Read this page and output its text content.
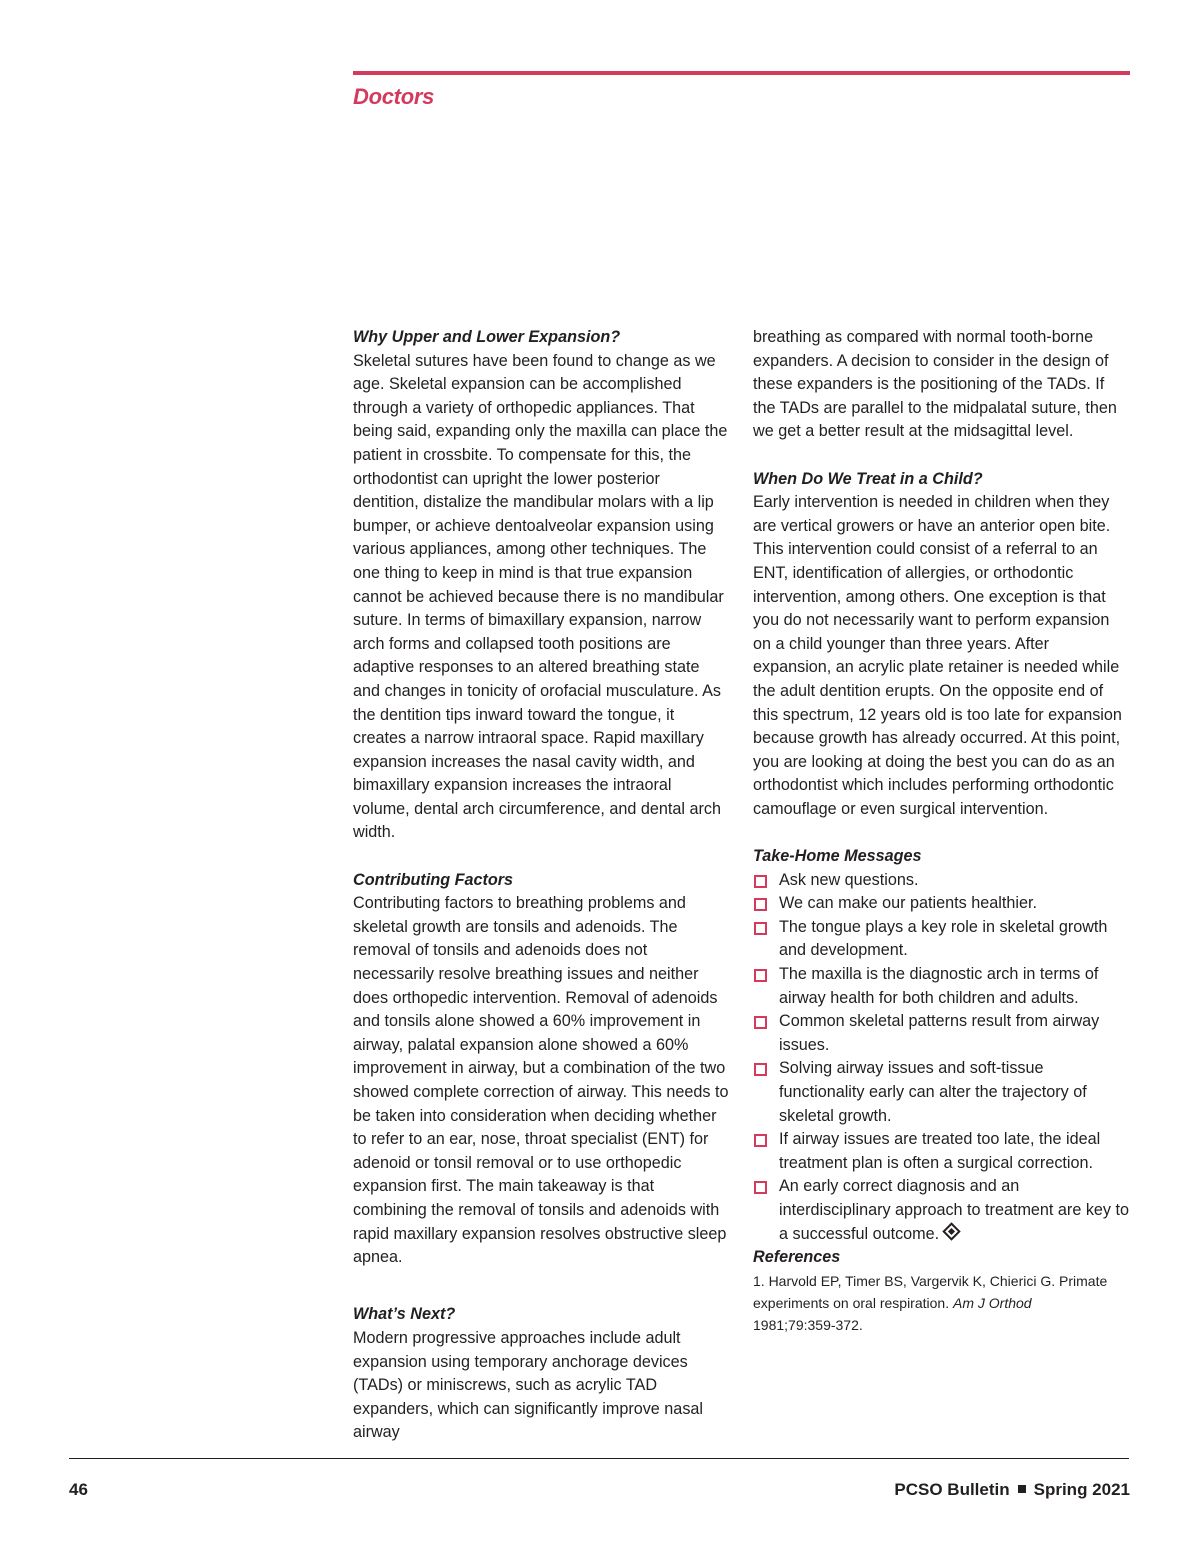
Doctors

Why Upper and Lower Expansion?

Skeletal sutures have been found to change as we age. Skeletal expansion can be accomplished through a variety of orthopedic appliances. That being said, expanding only the maxilla can place the patient in crossbite. To compensate for this, the orthodontist can upright the lower posterior dentition, distalize the mandibular molars with a lip bumper, or achieve dentoalveolar expansion using various appliances, among other techniques. The one thing to keep in mind is that true expansion cannot be achieved because there is no mandibular suture. In terms of bimaxillary expansion, narrow arch forms and collapsed tooth positions are adaptive responses to an altered breathing state and changes in tonicity of orofacial musculature. As the dentition tips inward toward the tongue, it creates a narrow intraoral space. Rapid maxillary expansion increases the nasal cavity width, and bimaxillary expansion increases the intraoral volume, dental arch circumference, and dental arch width.

Contributing Factors

Contributing factors to breathing problems and skeletal growth are tonsils and adenoids. The removal of tonsils and adenoids does not necessarily resolve breathing issues and neither does orthopedic intervention. Removal of adenoids and tonsils alone showed a 60% improvement in airway, palatal expansion alone showed a 60% improvement in airway, but a combination of the two showed complete correction of airway. This needs to be taken into consideration when deciding whether to refer to an ear, nose, throat specialist (ENT) for adenoid or tonsil removal or to use orthopedic expansion first. The main takeaway is that combining the removal of tonsils and adenoids with rapid maxillary expansion resolves obstructive sleep apnea.

What’s Next?

Modern progressive approaches include adult expansion using temporary anchorage devices (TADs) or miniscrews, such as acrylic TAD expanders, which can significantly improve nasal airway

breathing as compared with normal tooth-borne expanders. A decision to consider in the design of these expanders is the positioning of the TADs. If the TADs are parallel to the midpalatal suture, then we get a better result at the midsagittal level.

When Do We Treat in a Child?

Early intervention is needed in children when they are vertical growers or have an anterior open bite. This intervention could consist of a referral to an ENT, identification of allergies, or orthodontic intervention, among others. One exception is that you do not necessarily want to perform expansion on a child younger than three years. After expansion, an acrylic plate retainer is needed while the adult dentition erupts. On the opposite end of this spectrum, 12 years old is too late for expansion because growth has already occurred. At this point, you are looking at doing the best you can do as an orthodontist which includes performing orthodontic camouflage or even surgical intervention.

Take-Home Messages

Ask new questions.
We can make our patients healthier.
The tongue plays a key role in skeletal growth and development.
The maxilla is the diagnostic arch in terms of airway health for both children and adults.
Common skeletal patterns result from airway issues.
Solving airway issues and soft-tissue functionality early can alter the trajectory of skeletal growth.
If airway issues are treated too late, the ideal treatment plan is often a surgical correction.
An early correct diagnosis and an interdisciplinary approach to treatment are key to a successful outcome.

References

1. Harvold EP, Timer BS, Vargervik K, Chierici G. Primate experiments on oral respiration. Am J Orthod
1981;79:359-372.

46	PCSO Bulletin Spring 2021
